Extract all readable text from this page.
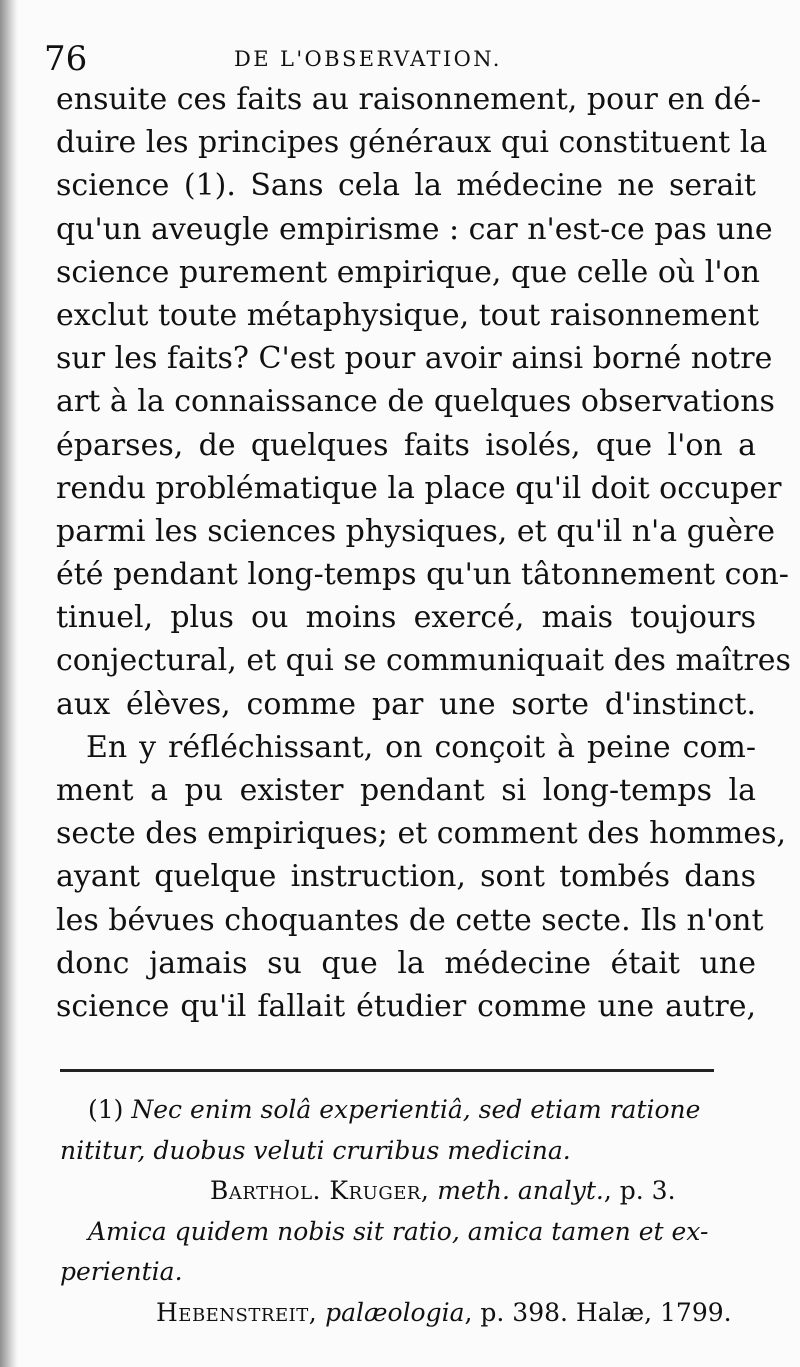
76	DE L'OBSERVATION.
ensuite ces faits au raisonnement, pour en dé-
duire les principes généraux qui constituent la
science (1). Sans cela la médecine ne serait
qu'un aveugle empirisme : car n'est-ce pas une
science purement empirique, que celle où l'on
exclut toute métaphysique, tout raisonnement
sur les faits? C'est pour avoir ainsi borné notre
art à la connaissance de quelques observations
éparses, de quelques faits isolés, que l'on a
rendu problématique la place qu'il doit occuper
parmi les sciences physiques, et qu'il n'a guère
été pendant long-temps qu'un tâtonnement con-
tinuel, plus ou moins exercé, mais toujours
conjectural, et qui se communiquait des maîtres
aux élèves, comme par une sorte d'instinct.
En y réfléchissant, on conçoit à peine com-
ment a pu exister pendant si long-temps la
secte des empiriques; et comment des hommes,
ayant quelque instruction, sont tombés dans
les bévues choquantes de cette secte. Ils n'ont
donc jamais su que la médecine était une
science qu'il fallait étudier comme une autre,
(1) Nec enim solâ experientiâ, sed etiam ratione
nititur, duobus veluti cruribus medicina.
Barthol. Kruger, meth. analyt., p. 3.
Amica quidem nobis sit ratio, amica tamen et ex-
perientia.
Hebenstreit, palæologia, p. 398. Halæ, 1799.
